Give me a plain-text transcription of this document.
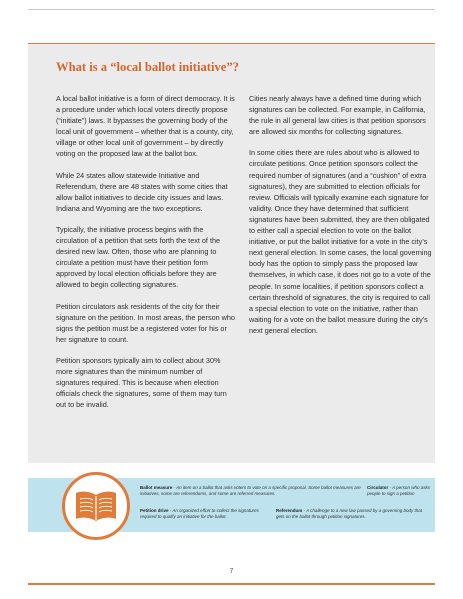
What is a “local ballot initiative”?

A local ballot initiative is a form of direct democracy. It is a procedure under which local voters directly propose (“initiate”) laws. It bypasses the governing body of the local unit of government – whether that is a county, city, village or other local unit of government – by directly voting on the proposed law at the ballot box.

While 24 states allow statewide Initiative and Referendum, there are 48 states with some cities that allow ballot initiatives to decide city issues and laws. Indiana and Wyoming are the two exceptions.

Typically, the initiative process begins with the circulation of a petition that sets forth the text of the desired new law. Often, those who are planning to circulate a petition must have their petition form approved by local election officials before they are allowed to begin collecting signatures.

Petition circulators ask residents of the city for their signature on the petition. In most areas, the person who signs the petition must be a registered voter for his or her signature to count.

Petition sponsors typically aim to collect about 30% more signatures than the minimum number of signatures required. This is because when election officials check the signatures, some of them may turn out to be invalid.

Cities nearly always have a defined time during which signatures can be collected. For example, in California, the rule in all general law cities is that petition sponsors are allowed six months for collecting signatures.

In some cities there are rules about who is allowed to circulate petitions. Once petition sponsors collect the required number of signatures (and a “cushion” of extra signatures), they are submitted to election officials for review. Officials will typically examine each signature for validity. Once they have determined that sufficient signatures have been submitted, they are then obligated to either call a special election to vote on the ballot initiative, or put the ballot initiative for a vote in the city’s next general election. In some cases, the local governing body has the option to simply pass the proposed law themselves, in which case, it does not go to a vote of the people. In some localities, if petition sponsors collect a certain threshold of signatures, the city is required to call a special election to vote on the initiative, rather than waiting for a vote on the ballot measure during the city’s next general election.

Ballot measure - An item on a ballot that asks voters to vote on a specific proposal. Some ballot measures are initiatives, some are referendums, and some are referred measures.
Circulator - A person who asks people to sign a petition
Petition drive - An organized effort to collect the signatures required to qualify an initiative for the ballot.
Referendum - A challenge to a new law passed by a governing body that gets on the ballot through petition signatures.
7
